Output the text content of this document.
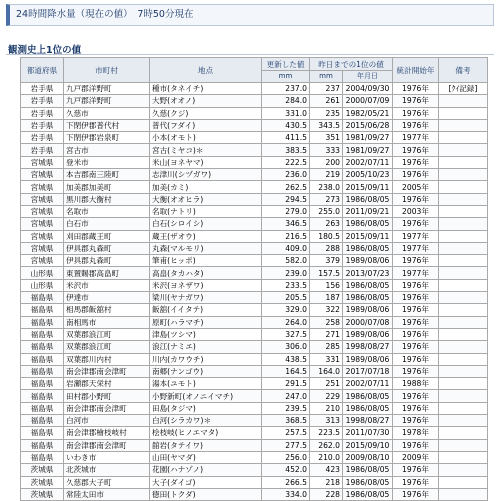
24時間降水量（現在の値）　7時50分現在
観測史上1位の値
都道府県	市町村	地点	更新した値	昨日までの1位の値		統計開始年	備考
			mm	mm	年月日		
岩手県	九戸郡洋野町	種市(タネイチ)	237.0	237	2004/09/30	1976年	[ｸｲ記録]
岩手県	九戸郡洋野町	大野(オオノ)	284.0	261	2000/07/09	1976年	
岩手県	久慈市	久慈(クジ)	331.0	235	1982/05/21	1976年	
岩手県	下閉伊郡普代村	普代(フダイ)	430.5	343.5	2015/06/28	1976年	
岩手県	下閉伊郡岩泉町	小本(オモト)	411.5	351	1981/09/27	1977年	
岩手県	宮古市	宮古(ミヤコ)＊	383.5	333	1981/09/27	1976年	
宮城県	登米市	米山(ヨネヤマ)	222.5	200	2002/07/11	1976年	
宮城県	本吉郡南三陸町	志津川(シヅガワ)	236.0	219	2005/10/23	1976年	
宮城県	加美郡加美町	加美(カミ)	262.5	238.0	2015/09/11	2005年	
宮城県	黒川郡大衡村	大衡(オオヒラ)	294.5	273	1986/08/05	1976年	
宮城県	名取市	名取(ナトリ)	279.0	255.0	2011/09/21	2003年	
宮城県	白石市	白石(シロイシ)	346.5	263	1986/08/05	1976年	
宮城県	刈田郡蔵王町	蔵王(ザオウ)	216.5	180.5	2015/09/11	1977年	
宮城県	伊具郡丸森町	丸森(マルモリ)	409.0	288	1986/08/05	1977年	
宮城県	伊具郡丸森町	筆甫(ヒッポ)	582.0	379	1989/08/06	1976年	
山形県	東置賜郡高畠町	高畠(タカハタ)	239.0	157.5	2013/07/23	1977年	
山形県	米沢市	米沢(ヨネザワ)	233.5	156	1986/08/05	1976年	
福島県	伊達市	梁川(ヤナガワ)	205.5	187	1986/08/05	1976年	
福島県	相馬郡飯舘村	飯舘(イイタテ)	329.0	322	1989/08/06	1976年	
福島県	南相馬市	原町(ハラマチ)	264.0	258	2000/07/08	1976年	
福島県	双葉郡浪江町	津島(ツシマ)	327.5	271	1989/08/06	1976年	
福島県	双葉郡浪江町	浪江(ナミエ)	306.0	285	1998/08/27	1976年	
福島県	双葉郡川内村	川内(カワウチ)	438.5	331	1989/08/06	1976年	
福島県	南会津郡南会津町	南郷(ナンゴウ)	164.5	164.0	2017/07/18	1976年	
福島県	岩瀬郡天栄村	湯本(ユモト)	291.5	251	2002/07/11	1988年	
福島県	田村郡小野町	小野新町(オノニイマチ)	247.0	229	1986/08/05	1976年	
福島県	南会津郡南会津町	田島(タジマ)	239.5	210	1986/08/05	1976年	
福島県	白河市	白河(シラカワ)＊	368.5	313	1998/08/27	1976年	
福島県	南会津郡檜枝岐村	桧枝岐(ヒノエマタ)	257.5	223.5	2011/07/30	1978年	
福島県	南会津郡南会津町	舘岩(タテイワ)	277.5	262.0	2015/09/10	1976年	
福島県	いわき市	山田(ヤマダ)	256.0	210.0	2009/08/10	2009年	
茨城県	北茨城市	花園(ハナゾノ)	452.0	423	1986/08/05	1976年	
茨城県	久慈郡大子町	大子(ダイゴ)	266.5	218	1986/08/05	1976年	
茨城県	常陸太田市	徳田(トクダ)	334.0	228	1986/08/05	1976年	
